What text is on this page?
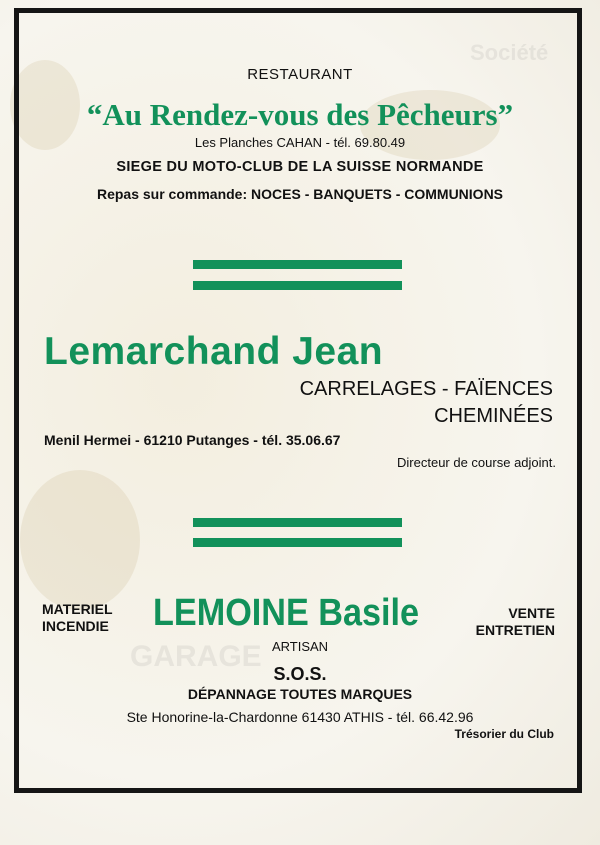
Société
GARAGE
RESTAURANT
“Au Rendez-vous des Pêcheurs”
Les Planches CAHAN - tél. 69.80.49
SIEGE DU MOTO-CLUB DE LA SUISSE NORMANDE
Repas sur commande: NOCES - BANQUETS - COMMUNIONS
Lemarchand Jean
CARRELAGES - FAÏENCES
CHEMINÉES
Menil Hermei - 61210 Putanges - tél. 35.06.67
Directeur de course adjoint.
MATERIEL
INCENDIE LEMOINE Basile	VENTE
ENTRETIEN
ARTISAN
S.O.S.
DÉPANNAGE TOUTES MARQUES
Ste Honorine-la-Chardonne 61430 ATHIS - tél. 66.42.96
Trésorier du Club
